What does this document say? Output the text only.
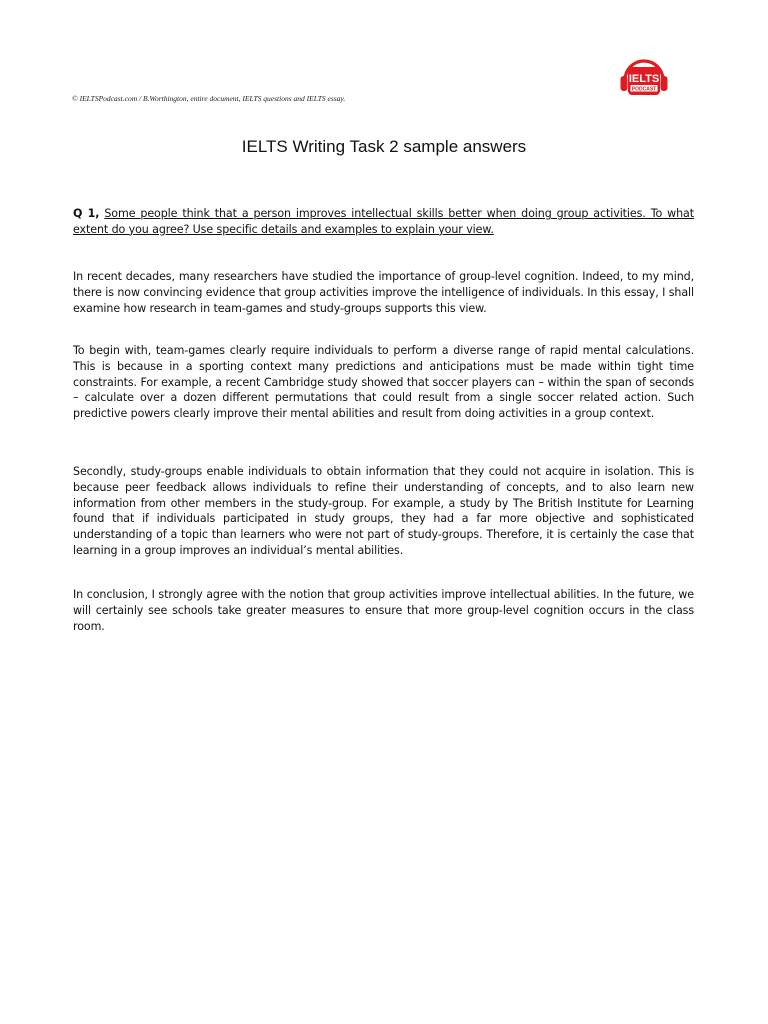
© IELTSPodcast.com / B.Worthington, entire document, IELTS questions and IELTS essay.
IELTS
PODCAST
IELTS Writing Task 2 sample answers
Q 1, Some people think that a person improves intellectual skills better when doing group activities. To what extent do you agree? Use specific details and examples to explain your view.
In recent decades, many researchers have studied the importance of group-level cognition. Indeed, to my mind, there is now convincing evidence that group activities improve the intelligence of individuals. In this essay, I shall examine how research in team-games and study-groups supports this view.
To begin with, team-games clearly require individuals to perform a diverse range of rapid mental calculations. This is because in a sporting context many predictions and anticipations must be made within tight time constraints. For example, a recent Cambridge study showed that soccer players can – within the span of seconds – calculate over a dozen different permutations that could result from a single soccer related action. Such predictive powers clearly improve their mental abilities and result from doing activities in a group context.
Secondly, study-groups enable individuals to obtain information that they could not acquire in isolation. This is because peer feedback allows individuals to refine their understanding of concepts, and to also learn new information from other members in the study-group. For example, a study by The British Institute for Learning found that if individuals participated in study groups, they had a far more objective and sophisticated understanding of a topic than learners who were not part of study-groups. Therefore, it is certainly the case that learning in a group improves an individual’s mental abilities.
In conclusion, I strongly agree with the notion that group activities improve intellectual abilities. In the future, we will certainly see schools take greater measures to ensure that more group-level cognition occurs in the class room.
